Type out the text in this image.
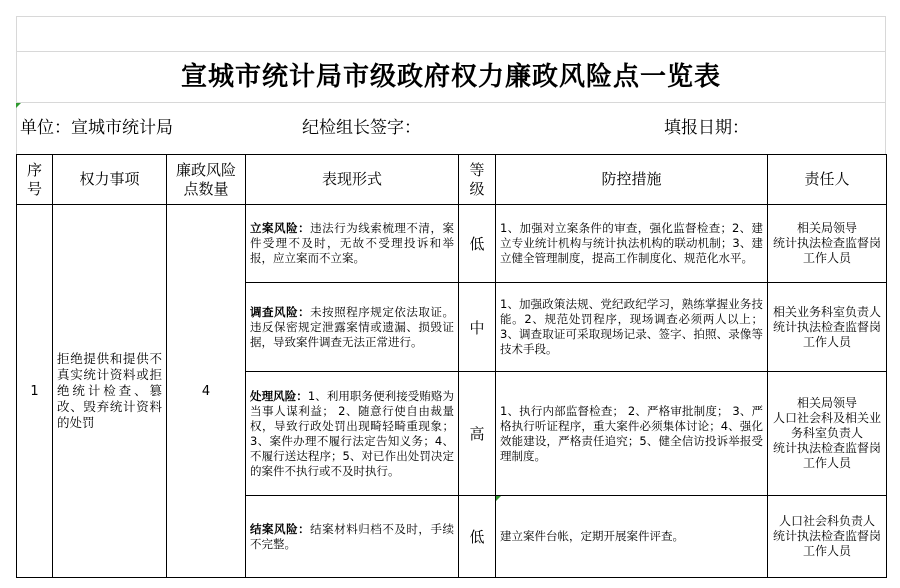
宣城市统计局市级政府权力廉政风险点一览表
单位：宣城市统计局	纪检组长签字：	填报日期：
序号	权力事项	廉政风险点数量	表现形式	等级	防控措施	责任人
1	拒绝提供和提供不真实统计资料或拒绝统计检查、篡改、毁弃统计资料的处罚	4	立案风险：违法行为线索梳理不清，案件受理不及时，无故不受理投诉和举报，应立案而不立案。	低	1、加强对立案条件的审查，强化监督检查；2、建立专业统计机构与统计执法机构的联动机制；3、建立健全管理制度，提高工作制度化、规范化水平。	相关局领导
统计执法检查监督岗工作人员

			调查风险：未按照程序规定依法取证。违反保密规定泄露案情或遗漏、损毁证据，导致案件调查无法正常进行。	中	1、加强政策法规、党纪政纪学习，熟练掌握业务技能。2、规范处罚程序，现场调查必须两人以上；3、调查取证可采取现场记录、签字、拍照、录像等技术手段。	相关业务科室负责人
统计执法检查监督岗工作人员

			处理风险：1、利用职务便利接受贿赂为当事人谋利益； 2、随意行使自由裁量权，导致行政处罚出现畸轻畸重现象； 3、案件办理不履行法定告知义务；4、不履行送达程序；5、对已作出处罚决定的案件不执行或不及时执行。	高	1、执行内部监督检查； 2、严格审批制度； 3、严格执行听证程序，重大案件必须集体讨论；4、强化效能建设，严格责任追究；5、健全信访投诉举报受理制度。	相关局领导
人口社会科及相关业务科室负责人
统计执法检查监督岗工作人员

			结案风险：结案材料归档不及时，手续不完整。	低	建立案件台帐，定期开展案件评查。	人口社会科负责人
统计执法检查监督岗工作人员
